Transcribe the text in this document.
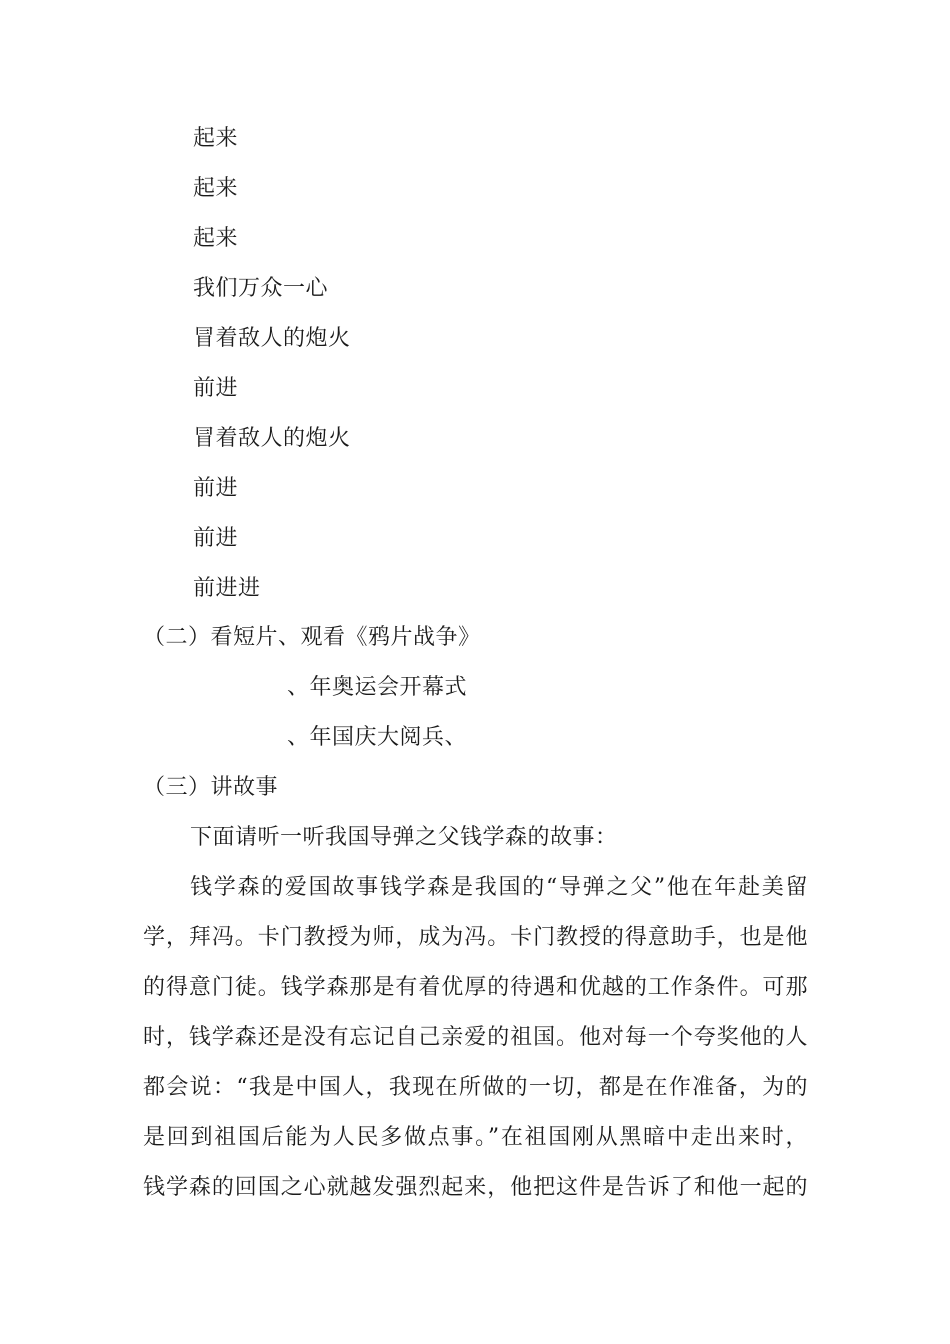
起来
起来
起来
我们万众一心
冒着敌人的炮火
前进
冒着敌人的炮火
前进
前进
前进进
（二）看短片、观看《鸦片战争》
、年奥运会开幕式
、年国庆大阅兵、
（三）讲故事
下面请听一听我国导弹之父钱学森的故事：
钱学森的爱国故事钱学森是我国的“导弹之父”他在年赴美留
学，拜冯。卡门教授为师，成为冯。卡门教授的得意助手，也是他
的得意门徒。钱学森那是有着优厚的待遇和优越的工作条件。可那
时，钱学森还是没有忘记自己亲爱的祖国。他对每一个夸奖他的人
都会说：“我是中国人，我现在所做的一切，都是在作准备，为的
是回到祖国后能为人民多做点事。”在祖国刚从黑暗中走出来时，
钱学森的回国之心就越发强烈起来，他把这件是告诉了和他一起的
